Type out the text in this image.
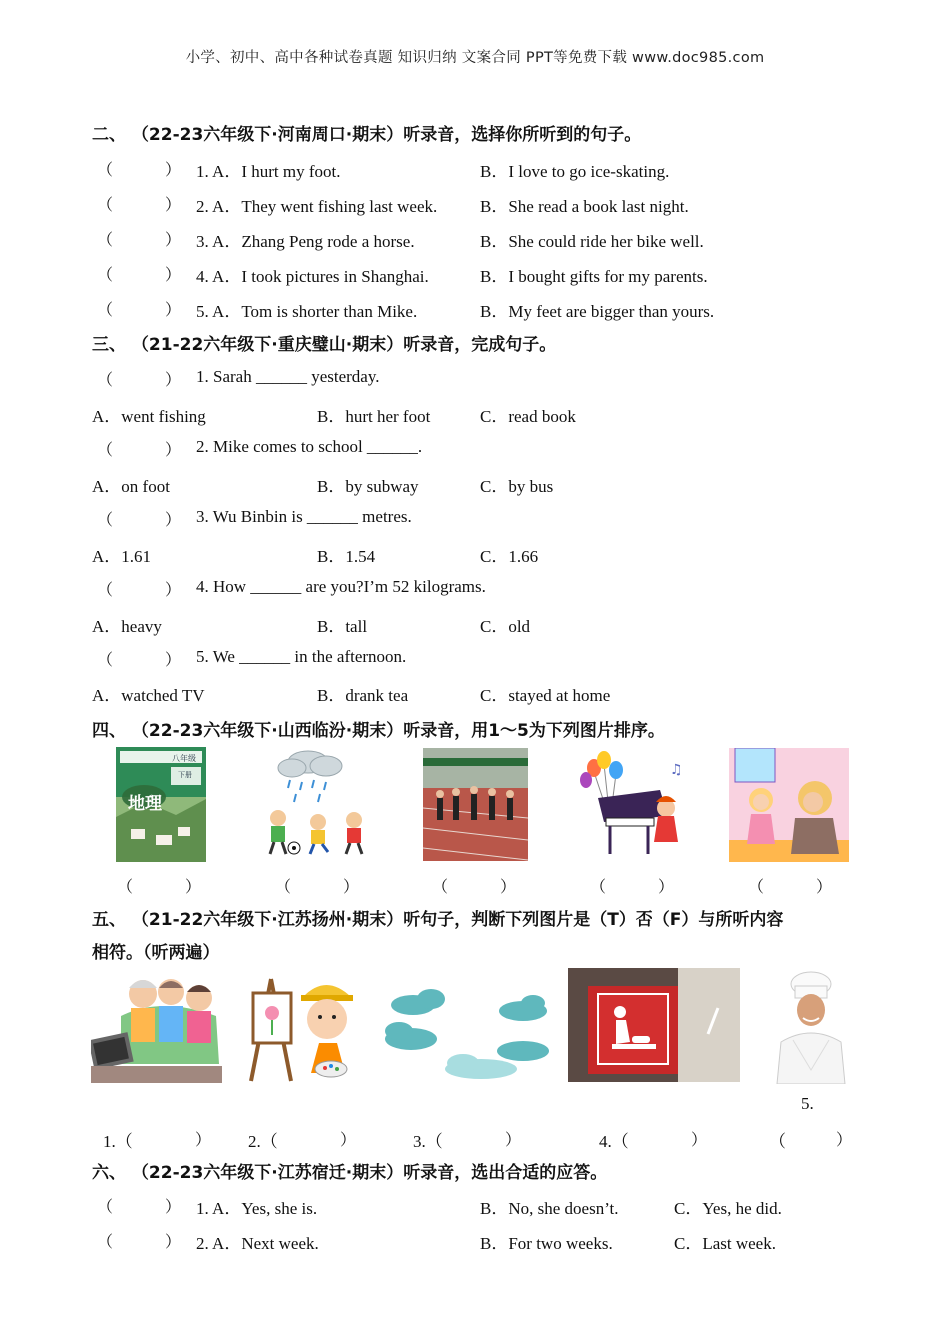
小学、初中、高中各种试卷真题 知识归纳 文案合同 PPT等免费下载 www.doc985.com
二、 （22-23六年级下·河南周口·期末）听录音，选择你所听到的句子。
（	） 1. A．I hurt my foot.	B．I love to go ice-skating.
（	） 2. A．They went fishing last week.	B．She read a book last night.
（	） 3. A．Zhang Peng rode a horse.	B．She could ride her bike well.
（	） 4. A．I took pictures in Shanghai.	B．I bought gifts for my parents.
（	） 5. A．Tom is shorter than Mike.	B．My feet are bigger than yours.
三、 （21-22六年级下·重庆璧山·期末）听录音，完成句子。
（	） 1. Sarah ______ yesterday.
A．went fishing	B．hurt her foot	C．read book
（	） 2. Mike comes to school ______.
A．on foot	B．by subway	C．by bus
（	） 3. Wu Binbin is ______ metres.
A．1.61	B．1.54	C．1.66
（	） 4. How ______ are you?I’m 52 kilograms.
A．heavy	B．tall	C．old
（	） 5. We ______ in the afternoon.
A．watched TV	B．drank tea	C．stayed at home
四、 （22-23六年级下·山西临汾·期末）听录音，用1～5为下列图片排序。
八年级
下册
地理
♫
（	）	（	）	（	）	（	）	（	）
五、 （21-22六年级下·江苏扬州·期末）听句子，判断下列图片是（T）否（F）与所听内容
相符。（听两遍）
5.
1.（	） 2.（	）	3.（	）	4.（	）	（	）
六、 （22-23六年级下·江苏宿迁·期末）听录音，选出合适的应答。
（	） 1. A．Yes, she is.	B．No, she doesn’t.	C．Yes, he did.
（	） 2. A．Next week.	B．For two weeks.	C．Last week.
